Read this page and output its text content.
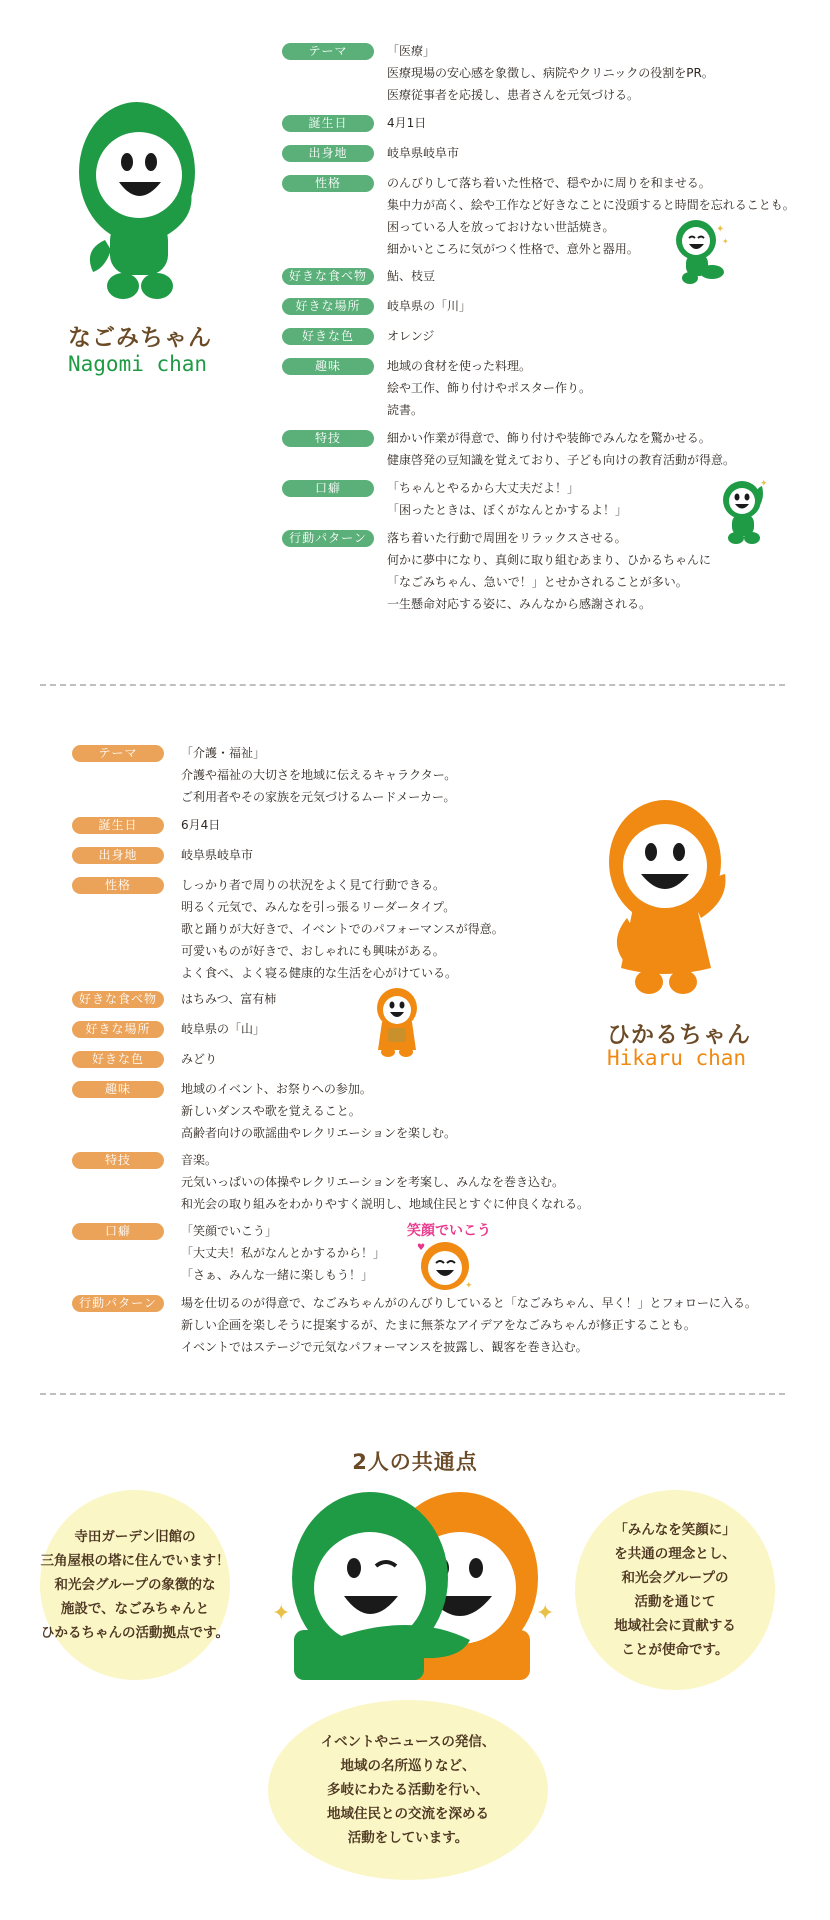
なごみちゃん
Nagomi chan
テーマ	「医療」
医療現場の安心感を象徴し、病院やクリニックの役割をPR。
医療従事者を応援し、患者さんを元気づける。
誕生日	4月1日
出身地	岐阜県岐阜市
性格	のんびりして落ち着いた性格で、穏やかに周りを和ませる。
集中力が高く、絵や工作など好きなことに没頭すると時間を忘れることも。
困っている人を放っておけない世話焼き。
細かいところに気がつく性格で、意外と器用。
好きな食べ物	鮎、枝豆
好きな場所	岐阜県の「川」
好きな色	オレンジ
趣味	地域の食材を使った料理。
絵や工作、飾り付けやポスター作り。
読書。
特技	細かい作業が得意で、飾り付けや装飾でみんなを驚かせる。
健康啓発の豆知識を覚えており、子ども向けの教育活動が得意。
口癖	「ちゃんとやるから大丈夫だよ！」
「困ったときは、ぼくがなんとかするよ！」
行動パターン	落ち着いた行動で周囲をリラックスさせる。
何かに夢中になり、真剣に取り組むあまり、ひかるちゃんに
「なごみちゃん、急いで！」とせかされることが多い。
一生懸命対応する姿に、みんなから感謝される。
✦
✦
✦
テーマ	「介護・福祉」
介護や福祉の大切さを地域に伝えるキャラクター。
ご利用者やその家族を元気づけるムードメーカー。
誕生日	6月4日
出身地	岐阜県岐阜市
性格	しっかり者で周りの状況をよく見て行動できる。
明るく元気で、みんなを引っ張るリーダータイプ。
歌と踊りが大好きで、イベントでのパフォーマンスが得意。
可愛いものが好きで、おしゃれにも興味がある。
よく食べ、よく寝る健康的な生活を心がけている。
好きな食べ物	はちみつ、富有柿
好きな場所	岐阜県の「山」
好きな色	みどり
趣味	地域のイベント、お祭りへの参加。
新しいダンスや歌を覚えること。
高齢者向けの歌謡曲やレクリエーションを楽しむ。
特技	音楽。
元気いっぱいの体操やレクリエーションを考案し、みんなを巻き込む。
和光会の取り組みをわかりやすく説明し、地域住民とすぐに仲良くなれる。
口癖	「笑顔でいこう」
「大丈夫！私がなんとかするから！」
「さぁ、みんな一緒に楽しもう！」
行動パターン	場を仕切るのが得意で、なごみちゃんがのんびりしていると「なごみちゃん、早く！」とフォローに入る。
新しい企画を楽しそうに提案するが、たまに無茶なアイデアをなごみちゃんが修正することも。
イベントではステージで元気なパフォーマンスを披露し、観客を巻き込む。
ひかるちゃん
Hikaru chan
笑顔でいこう
♥
✦
2人の共通点
寺田ガーデン旧館の
三角屋根の塔に住んでいます！
和光会グループの象徴的な
施設で、なごみちゃんと
ひかるちゃんの活動拠点です。
「みんなを笑顔に」
を共通の理念とし、
和光会グループの
活動を通じて
地域社会に貢献する
ことが使命です。
イベントやニュースの発信、
地域の名所巡りなど、
多岐にわたる活動を行い、
地域住民との交流を深める
活動をしています。
✦	✦
